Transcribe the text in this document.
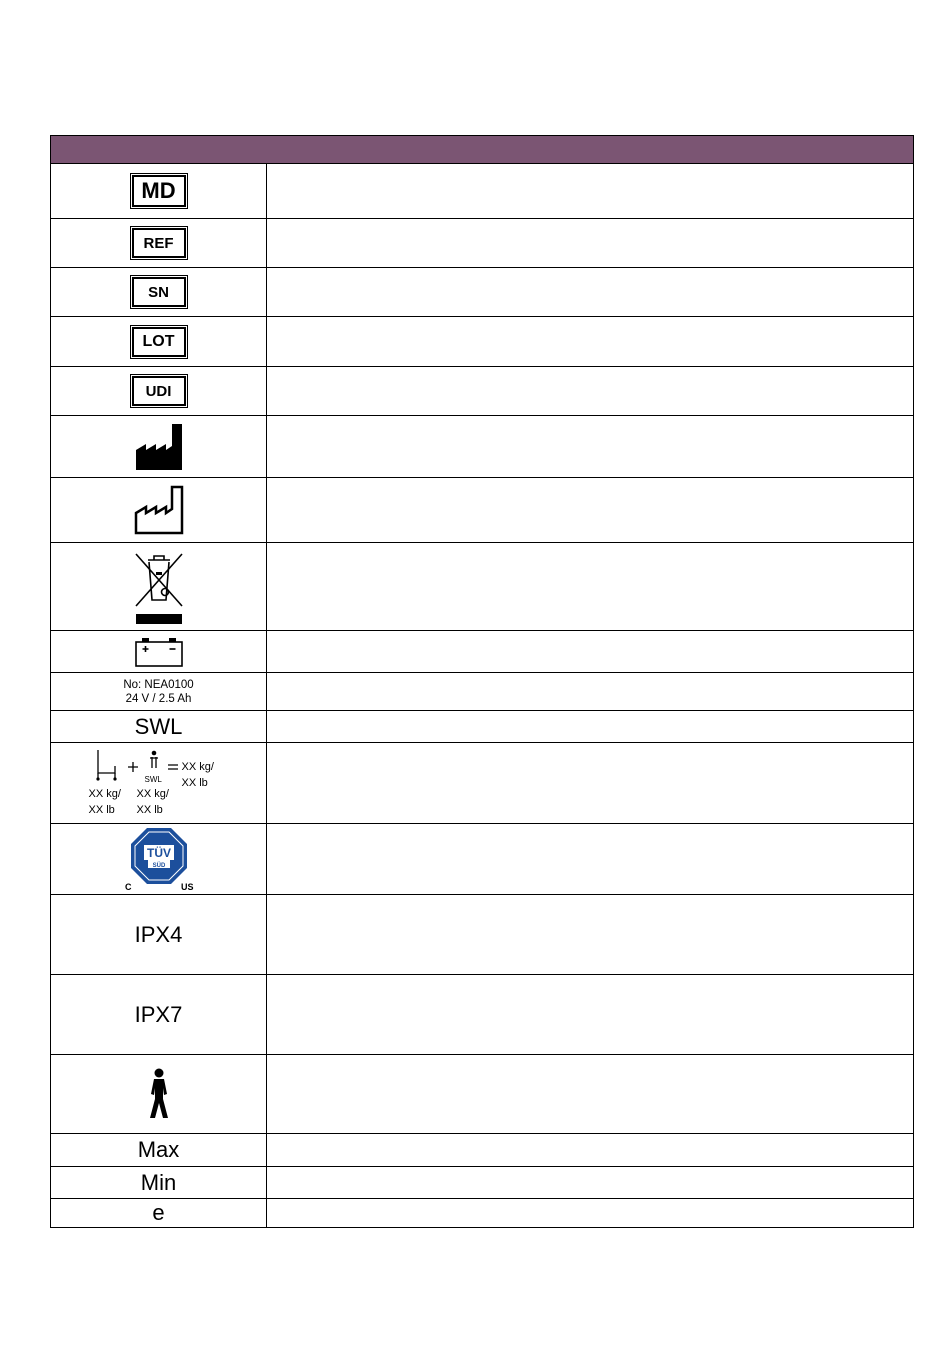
MD
REF
SN
LOT
UDI
No: NEA0100
24 V / 2.5 Ah
SWL
SWL
XX kg/
XX lb
XX kg/
XX lb
XX kg/
XX lb
TÜV
SÜD
C	US
IPX4
IPX7
Max
Min
e
